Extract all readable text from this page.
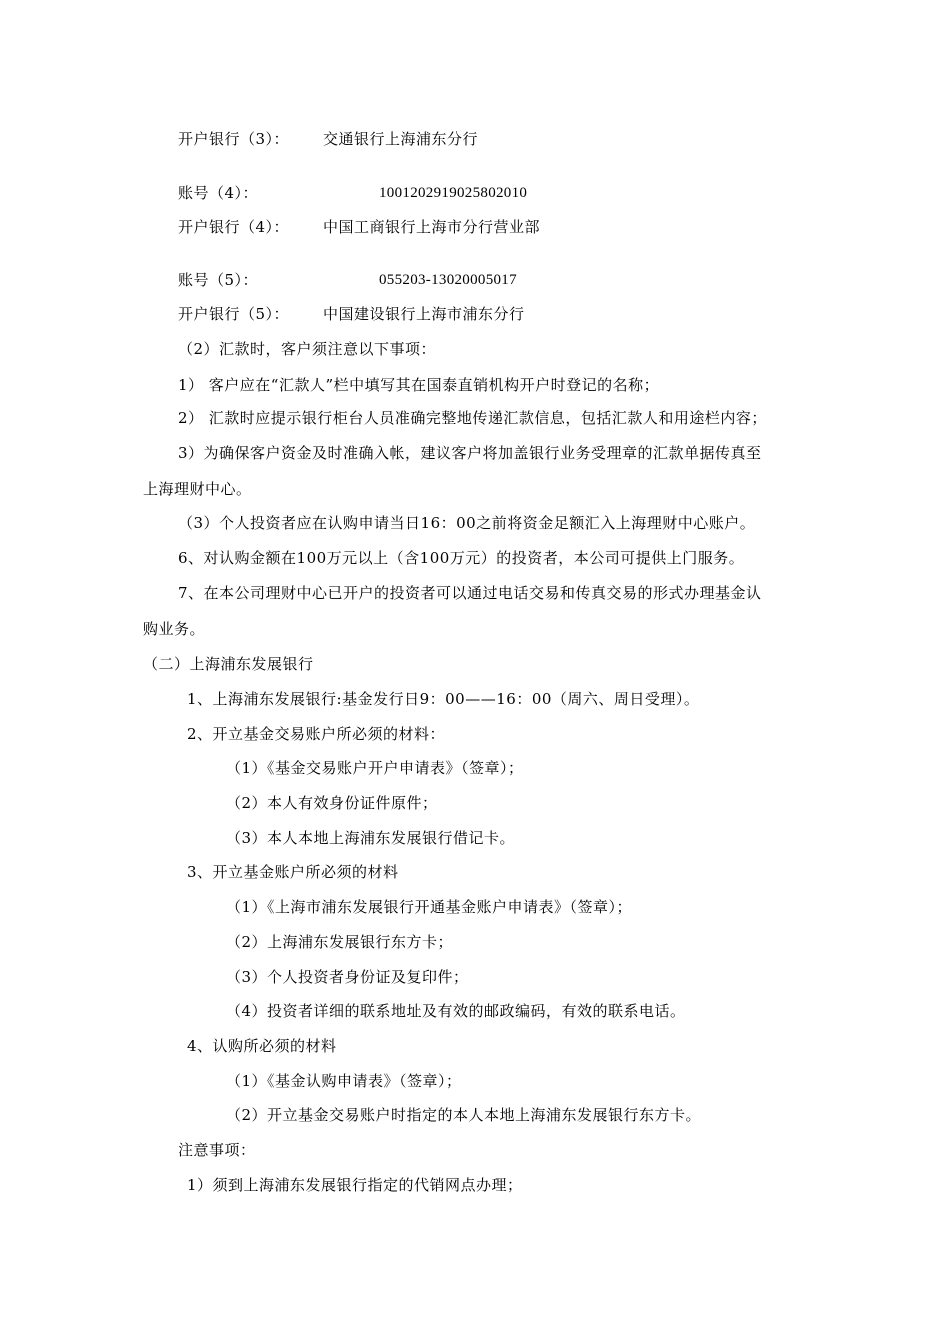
开户银行（3）： 交通银行上海浦东分行
账号（4）：	1001202919025802010
开户银行（4）： 中国工商银行上海市分行营业部
账号（5）：	055203-13020005017
开户银行（5）： 中国建设银行上海市浦东分行
（2）汇款时，客户须注意以下事项：
1） 客户应在“汇款人”栏中填写其在国泰直销机构开户时登记的名称；
2） 汇款时应提示银行柜台人员准确完整地传递汇款信息，包括汇款人和用途栏内容；
3）为确保客户资金及时准确入帐，建议客户将加盖银行业务受理章的汇款单据传真至
上海理财中心。
（3）个人投资者应在认购申请当日16：00之前将资金足额汇入上海理财中心账户。
6、对认购金额在100万元以上（含100万元）的投资者，本公司可提供上门服务。
7、在本公司理财中心已开户的投资者可以通过电话交易和传真交易的形式办理基金认
购业务。
（二）上海浦东发展银行
1、上海浦东发展银行:基金发行日9：00——16：00（周六、周日受理）。
2、开立基金交易账户所必须的材料：
（1）《基金交易账户开户申请表》（签章）；
（2）本人有效身份证件原件；
（3）本人本地上海浦东发展银行借记卡。
3、开立基金账户所必须的材料
（1）《上海市浦东发展银行开通基金账户申请表》（签章）；
（2）上海浦东发展银行东方卡；
（3）个人投资者身份证及复印件；
（4）投资者详细的联系地址及有效的邮政编码，有效的联系电话。
4、认购所必须的材料
（1）《基金认购申请表》（签章）；
（2）开立基金交易账户时指定的本人本地上海浦东发展银行东方卡。
注意事项：
1）须到上海浦东发展银行指定的代销网点办理；
